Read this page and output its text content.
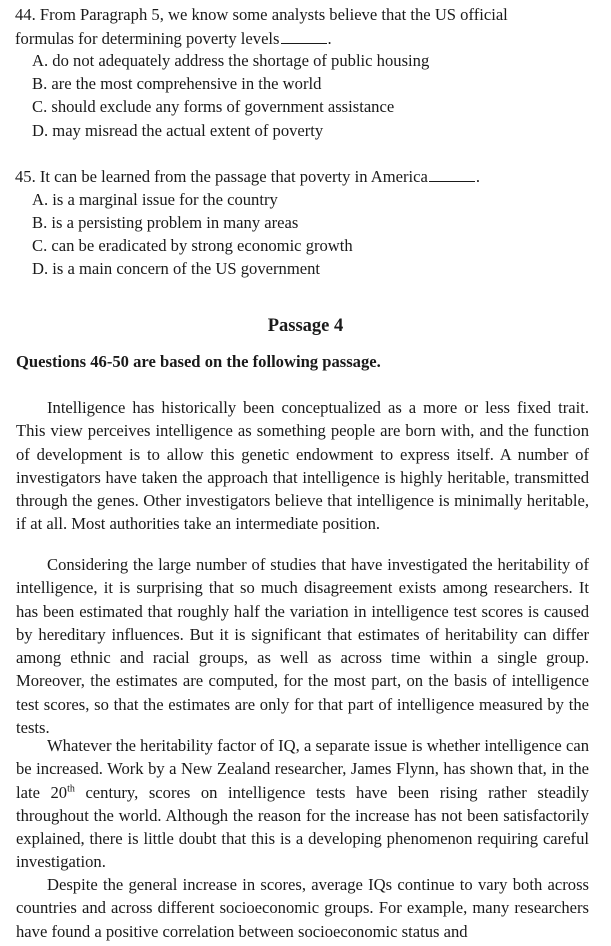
44. From Paragraph 5, we know some analysts believe that the US official
formulas for determining poverty levels	.
A. do not adequately address the shortage of public housing
B. are the most comprehensive in the world
C. should exclude any forms of government assistance
D. may misread the actual extent of poverty
45. It can be learned from the passage that poverty in America	.
A. is a marginal issue for the country
B. is a persisting problem in many areas
C. can be eradicated by strong economic growth
D. is a main concern of the US government
Passage 4
Questions 46-50 are based on the following passage.
Intelligence has historically been conceptualized as a more or less fixed trait. This view perceives intelligence as something people are born with, and the function of development is to allow this genetic endowment to express itself. A number of investigators have taken the approach that intelligence is highly heritable, transmitted through the genes. Other investigators believe that intelligence is minimally heritable, if at all. Most authorities take an intermediate position.
Considering the large number of studies that have investigated the heritability of intelligence, it is surprising that so much disagreement exists among researchers. It has been estimated that roughly half the variation in intelligence test scores is caused by hereditary influences. But it is significant that estimates of heritability can differ among ethnic and racial groups, as well as across time within a single group. Moreover, the estimates are computed, for the most part, on the basis of intelligence test scores, so that the estimates are only for that part of intelligence measured by the tests.
Whatever the heritability factor of IQ, a separate issue is whether intelligence can be increased. Work by a New Zealand researcher, James Flynn, has shown that, in the late 20th century, scores on intelligence tests have been rising rather steadily throughout the world. Although the reason for the increase has not been satisfactorily explained, there is little doubt that this is a developing phenomenon requiring careful investigation.
Despite the general increase in scores, average IQs continue to vary both across countries and across different socioeconomic groups. For example, many researchers have found a positive correlation between socioeconomic status and
